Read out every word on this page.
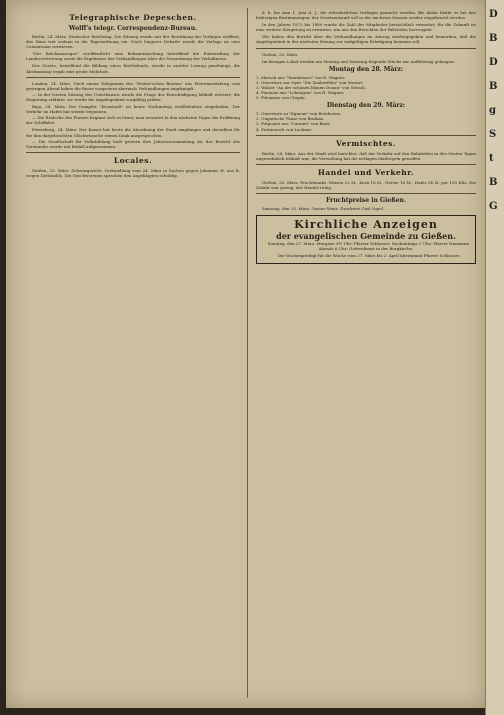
Telegraphische Depeschen.
Wolff's telegr. Correspondenz-Bureau.

Berlin, 24. März. Deutscher Reichstag. Die Sitzung wurde mit der Berathung der Vorlagen eröffnet; das Haus trat sodann in die Tagesordnung ein. Nach längerer Debatte wurde die Vorlage an eine Commission verwiesen.

"Der Reichsanzeiger" veröffentlicht eine Bekanntmachung betreffend die Einberufung der Landesvertretung sowie die Ergebnisse der Verhandlungen über die Neuordnung der Verhältnisse.

Das Gesetz, betreffend die Bildung eines Reichsfonds, wurde in zweiter Lesung genehmigt; die Abstimmung ergab eine große Mehrheit.

London, 24. März. Nach einem Telegramm des "Reuter'schen Bureau" aus Pietermaritzburg vom gestrigen Abend haben die Boers vorgestern abermals Verhandlungen angeknüpft.

— In der letzten Sitzung des Unterhauses wurde die Frage der Entschädigung lebhaft erörtert; die Regierung erklärte, sie werde die Angelegenheit sorgfältig prüfen.

Riga, 24. März. Der Dampfer "Kronstadt" ist heute Nachmittag wohlbehalten eingelaufen. Der Verkehr im Hafen hat wieder begonnen.

— Die Eisdecke des Flusses beginnt sich zu lösen; man erwartet in den nächsten Tagen die Eröffnung der Schiffahrt.

Petersburg, 24. März. Der Kaiser hat heute die Abordnung der Stadt empfangen und derselben für die ihm dargebrachten Glückwünsche seinen Dank ausgesprochen.

— Die Gesellschaft für Volksbildung hielt gestern ihre Jahresversammlung ab; der Bericht des Vorstandes wurde mit Beifall aufgenommen.

Locales.

Gießen, 25. März. Schwurgericht. Verhandlung vom 24. März in Sachen gegen Johannes H. aus B. wegen Diebstahls. Die Geschworenen sprachen den Angeklagten schuldig.

d. h. bis zum 1. Juni d. J., die erforderlichen Vorlagen gemacht werden. Bis dahin bleibt es bei den bisherigen Bestimmungen; der Gesetzentwurf soll in der nächsten Session wieder eingebracht werden.

In den Jahren 1872 bis 1880 wurde die Zahl der Mitglieder beträchtlich vermehrt; für die Zukunft ist eine weitere Steigerung zu erwarten, wie aus den Berichten der Behörden hervorgeht.

Wir haben den Bericht über die Verhandlungen im Auszug wiedergegeben und bemerken, daß die Angelegenheit in der nächsten Sitzung zur endgültigen Erledigung kommen soll.

Gießen, 25. März.

Im hiesigen Lokal werden am Montag und Dienstag folgende Stücke zur Aufführung gelangen:

Montag den 28. März:
1. Marsch aus "Tannhäuser" von R. Wagner.
2. Ouverture zur Oper "Die Zauberflöte" von Mozart.
3. Walzer "An der schönen blauen Donau" von Strauß.
4. Fantasie aus "Lohengrin" von R. Wagner.
5. Polonaise von Chopin.
Dienstag den 29. März:
1. Ouverture zu "Egmont" von Beethoven.
2. Ungarische Tänze von Brahms.
3. Potpourri aus "Carmen" von Bizet.
4. Festmarsch von Lachner.
Vermischtes.

Berlin, 24. März. Aus der Stadt wird berichtet, daß der Verkehr auf den Bahnhöfen in den letzten Tagen ungewöhnlich lebhaft war; die Verwaltung hat die nöthigen Maßregeln getroffen.

Handel und Verkehr.

Gießen, 25. März. Fruchtmarkt. Weizen 22 M., Korn 18 M., Gerste 16 M., Hafer 14 M. per 100 Kilo. Die Zufuhr war gering, der Handel ruhig.

Fruchtpreise in Gießen.

Samstag, den 25. März, Gustav Wenz. Druckerei Carl Vopel.

Kirchliche Anzeigen
der evangelischen Gemeinde zu Gießen.

Sonntag, den 27. März. Morgens 9½ Uhr: Pfarrer Schlosser. Nachmittags 2 Uhr: Pfarrer Naumann. Abends 6 Uhr: Gottesdienst in der Burgkirche.

Die Wochenpredigt für die Woche vom 27. März bis 2. April übernimmt Pfarrer Schlosser.

D
B
D
B
g
S
t
B
G
